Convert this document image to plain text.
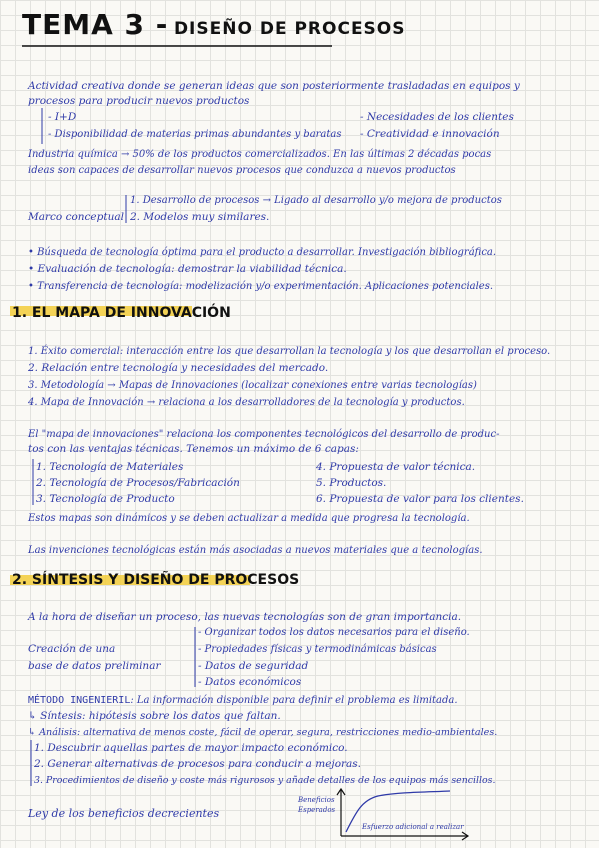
TEMA 3 - DISEÑO DE PROCESOS
Actividad creativa donde se generan ideas que son posteriormente trasladadas en equipos y
procesos para producir nuevos productos
- I+D
- Disponibilidad de materias primas abundantes y baratas
- Necesidades de los clientes
- Creatividad e innovación
Industria química → 50% de los productos comercializados. En las últimas 2 décadas pocas
ideas son capaces de desarrollar nuevos procesos que conduzca a nuevos productos
1. Desarrollo de procesos → Ligado al desarrollo y/o mejora de productos
Marco conceptual 2. Modelos muy similares.
• Búsqueda de tecnología óptima para el producto a desarrollar. Investigación bibliográfica.
• Evaluación de tecnología: demostrar la viabilidad técnica.
• Transferencia de tecnología: modelización y/o experimentación. Aplicaciones potenciales.
1. EL MAPA DE INNOVACIÓN
1. Éxito comercial: interacción entre los que desarrollan la tecnología y los que desarrollan el proceso.
2. Relación entre tecnología y necesidades del mercado.
3. Metodología → Mapas de Innovaciones (localizar conexiones entre varias tecnologías)
4. Mapa de Innovación → relaciona a los desarrolladores de la tecnología y productos.
El "mapa de innovaciones" relaciona los componentes tecnológicos del desarrollo de produc-
tos con las ventajas técnicas. Tenemos un máximo de 6 capas:
1. Tecnología de Materiales
2. Tecnología de Procesos/Fabricación
3. Tecnología de Producto
4. Propuesta de valor técnica.
5. Productos.
6. Propuesta de valor para los clientes.
Estos mapas son dinámicos y se deben actualizar a medida que progresa la tecnología.
Las invenciones tecnológicas están más asociadas a nuevos materiales que a tecnologías.
2. SÍNTESIS Y DISEÑO DE PROCESOS
A la hora de diseñar un proceso, las nuevas tecnologías son de gran importancia.
Creación de una
base de datos preliminar
- Organizar todos los datos necesarios para el diseño.
- Propiedades físicas y termodinámicas básicas
- Datos de seguridad
- Datos económicos
MÉTODO INGENIERIL: La información disponible para definir el problema es limitada.
↳ Síntesis: hipótesis sobre los datos que faltan.
↳ Análisis: alternativa de menos coste, fácil de operar, segura, restricciones medio-ambientales.
1. Descubrir aquellas partes de mayor impacto económico.
2. Generar alternativas de procesos para conducir a mejoras.
3. Procedimientos de diseño y coste más rigurosos y añade detalles de los equipos más sencillos.
Ley de los beneficios decrecientes
Beneficios
Esperados
Esfuerzo adicional a realizar
